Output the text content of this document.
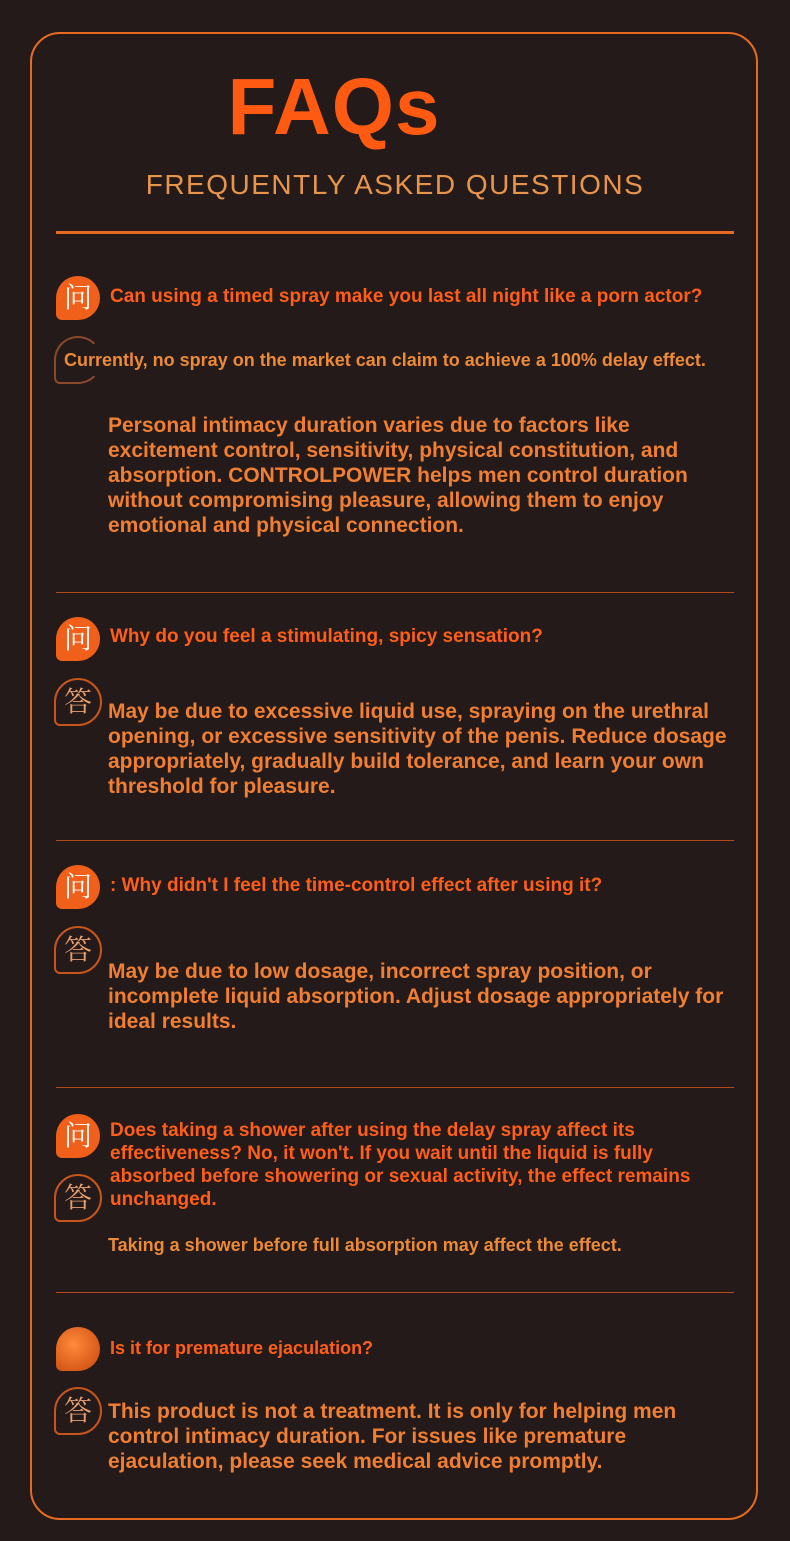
FAQs
FREQUENTLY ASKED QUESTIONS
问 Can using a timed spray make you last all night like a porn actor?
Currently, no spray on the market can claim to achieve a 100% delay effect.
Personal intimacy duration varies due to factors like excitement control, sensitivity, physical constitution, and absorption. CONTROLPOWER helps men control duration without compromising pleasure, allowing them to enjoy emotional and physical connection.
问 Why do you feel a stimulating, spicy sensation?
答 May be due to excessive liquid use, spraying on the urethral opening, or excessive sensitivity of the penis. Reduce dosage appropriately, gradually build tolerance, and learn your own threshold for pleasure.
问 : Why didn't I feel the time-control effect after using it?
答
May be due to low dosage, incorrect spray position, or incomplete liquid absorption. Adjust dosage appropriately for ideal results.
问 Does taking a shower after using the delay spray affect its effectiveness? No, it won't. If you wait until the liquid is fully absorbed before showering or sexual activity, the effect remains unchanged.
答
Taking a shower before full absorption may affect the effect.
Is it for premature ejaculation?
答 This product is not a treatment. It is only for helping men control intimacy duration. For issues like premature ejaculation, please seek medical advice promptly.
